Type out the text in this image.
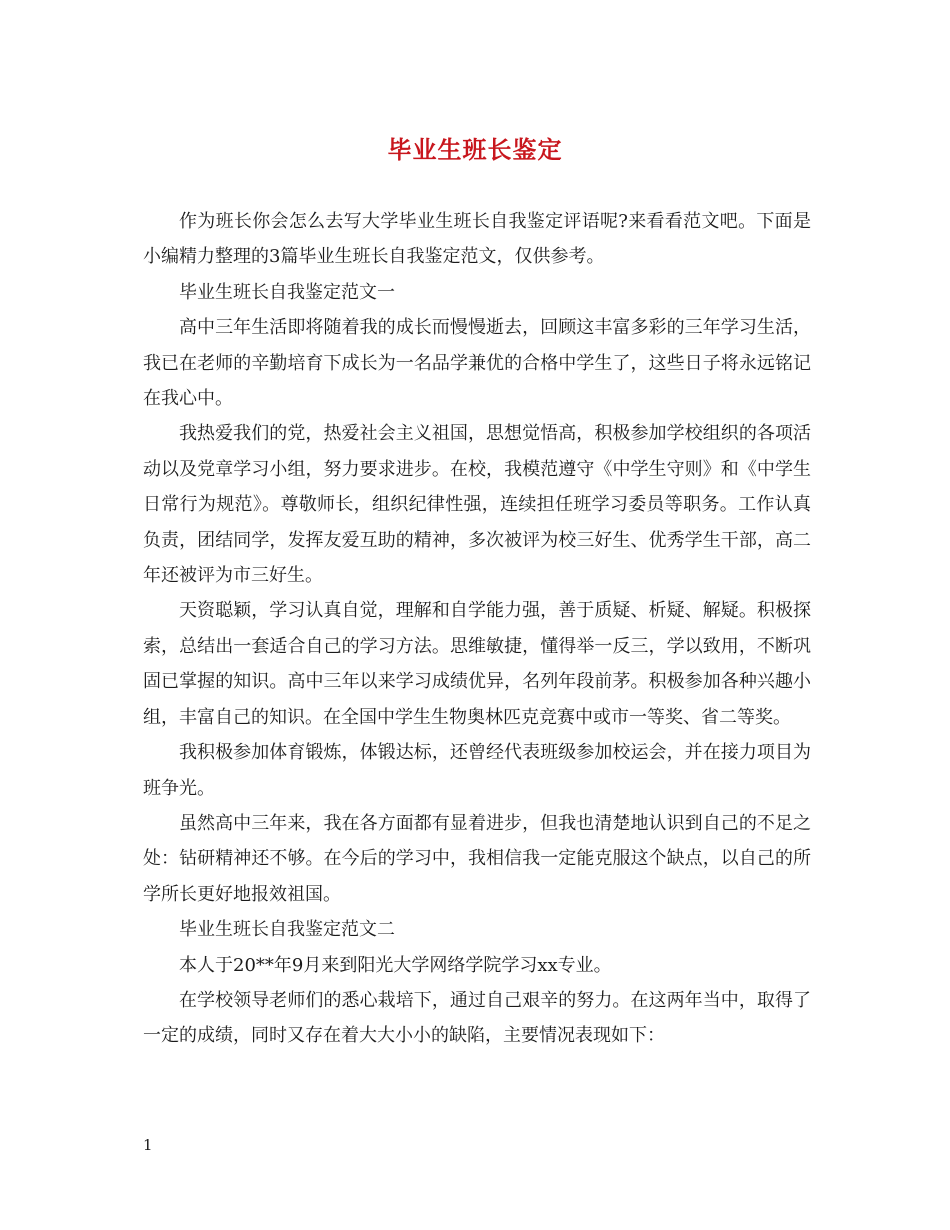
毕业生班长鉴定

作为班长你会怎么去写大学毕业生班长自我鉴定评语呢?来看看范文吧。下面是小编精力整理的3篇毕业生班长自我鉴定范文，仅供参考。

毕业生班长自我鉴定范文一

高中三年生活即将随着我的成长而慢慢逝去，回顾这丰富多彩的三年学习生活，我已在老师的辛勤培育下成长为一名品学兼优的合格中学生了，这些日子将永远铭记在我心中。

我热爱我们的党，热爱社会主义祖国，思想觉悟高，积极参加学校组织的各项活动以及党章学习小组，努力要求进步。在校，我模范遵守《中学生守则》和《中学生日常行为规范》。尊敬师长，组织纪律性强，连续担任班学习委员等职务。工作认真负责，团结同学，发挥友爱互助的精神，多次被评为校三好生、优秀学生干部，高二年还被评为市三好生。

天资聪颖，学习认真自觉，理解和自学能力强，善于质疑、析疑、解疑。积极探索，总结出一套适合自己的学习方法。思维敏捷，懂得举一反三，学以致用，不断巩固已掌握的知识。高中三年以来学习成绩优异，名列年段前茅。积极参加各种兴趣小组，丰富自己的知识。在全国中学生生物奥林匹克竞赛中或市一等奖、省二等奖。

我积极参加体育锻炼，体锻达标，还曾经代表班级参加校运会，并在接力项目为班争光。

虽然高中三年来，我在各方面都有显着进步，但我也清楚地认识到自己的不足之处：钻研精神还不够。在今后的学习中，我相信我一定能克服这个缺点，以自己的所学所长更好地报效祖国。

毕业生班长自我鉴定范文二

本人于20**年9月来到阳光大学网络学院学习xx专业。

在学校领导老师们的悉心栽培下，通过自己艰辛的努力。在这两年当中，取得了一定的成绩，同时又存在着大大小小的缺陷，主要情况表现如下：

1
